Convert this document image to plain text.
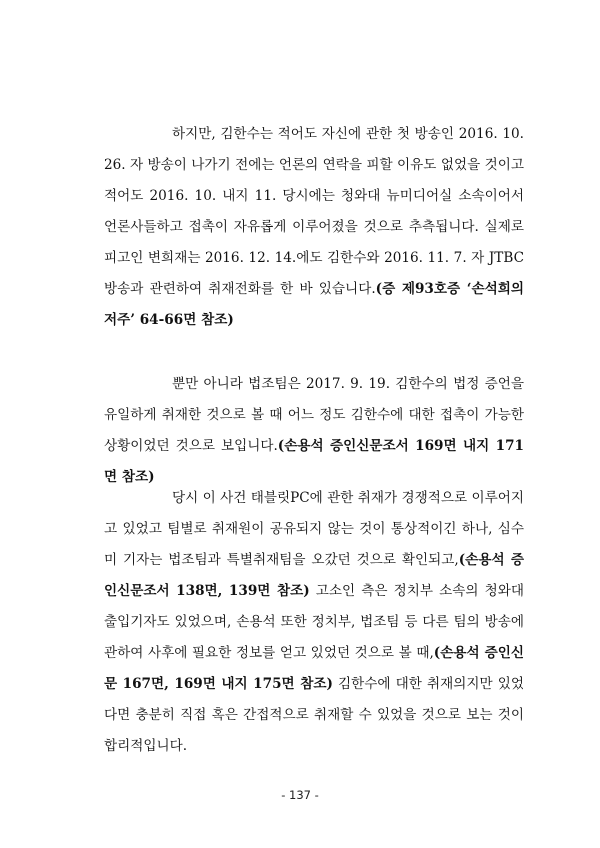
하지만, 김한수는 적어도 자신에 관한 첫 방송인 2016. 10. 26. 자 방송이 나가기 전에는 언론의 연락을 피할 이유도 없었을 것이고 적어도 2016. 10. 내지 11. 당시에는 청와대 뉴미디어실 소속이어서 언론사들하고 접촉이 자유롭게 이루어졌을 것으로 추측됩니다. 실제로 피고인 변희재는 2016. 12. 14.에도 김한수와 2016. 11. 7. 자 JTBC 방송과 관련하여 취재전화를 한 바 있습니다.(증 제93호증 ‘손석희의 저주’ 64-66면 참조)

뿐만 아니라 법조팀은 2017. 9. 19. 김한수의 법정 증언을 유일하게 취재한 것으로 볼 때 어느 정도 김한수에 대한 접촉이 가능한 상황이었던 것으로 보입니다.(손용석 증인신문조서 169면 내지 171면 참조)

당시 이 사건 태블릿PC에 관한 취재가 경쟁적으로 이루어지고 있었고 팀별로 취재원이 공유되지 않는 것이 통상적이긴 하나, 심수미 기자는 법조팀과 특별취재팀을 오갔던 것으로 확인되고,(손용석 증인신문조서 138면, 139면 참조) 고소인 측은 정치부 소속의 청와대 출입기자도 있었으며, 손용석 또한 정치부, 법조팀 등 다른 팀의 방송에 관하여 사후에 필요한 정보를 얻고 있었던 것으로 볼 때,(손용석 증인신문 167면, 169면 내지 175면 참조) 김한수에 대한 취재의지만 있었다면 충분히 직접 혹은 간접적으로 취재할 수 있었을 것으로 보는 것이 합리적입니다.

- 137 -
